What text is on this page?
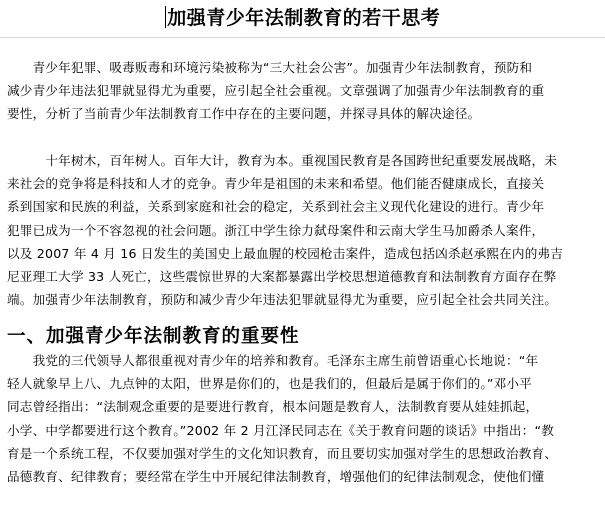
加强青少年法制教育的若干思考
　　青少年犯罪、吸毒贩毒和环境污染被称为“三大社会公害”。加强青少年法制教育，预防和
减少青少年违法犯罪就显得尤为重要，应引起全社会重视。文章强调了加强青少年法制教育的重
要性，分析了当前青少年法制教育工作中存在的主要问题，并探寻具体的解决途径。
　　　十年树木，百年树人。百年大计，教育为本。重视国民教育是各国跨世纪重要发展战略，未
来社会的竞争将是科技和人才的竞争。青少年是祖国的未来和希望。他们能否健康成长，直接关
系到国家和民族的利益，关系到家庭和社会的稳定，关系到社会主义现代化建设的进行。青少年
犯罪已成为一个不容忽视的社会问题。浙江中学生徐力弑母案件和云南大学生马加爵杀人案件，
以及 2007 年 4 月 16 日发生的美国史上最血腥的校园枪击案件，造成包括凶杀赵承熙在内的弗吉
尼亚理工大学 33 人死亡，这些震惊世界的大案都暴露出学校思想道德教育和法制教育方面存在弊
端。加强青少年法制教育，预防和减少青少年违法犯罪就显得尤为重要，应引起全社会共同关注。
一、加强青少年法制教育的重要性
　　我党的三代领导人都很重视对青少年的培养和教育。毛泽东主席生前曾语重心长地说：“年
轻人就象早上八、九点钟的太阳，世界是你们的，也是我们的，但最后是属于你们的。”邓小平
同志曾经指出：“法制观念重要的是要进行教育，根本问题是教育人，法制教育要从娃娃抓起，
小学、中学都要进行这个教育。”2002 年 2 月江泽民同志在《关于教育问题的谈话》中指出：“教
育是一个系统工程，不仅要加强对学生的文化知识教育，而且要切实加强对学生的思想政治教育、
品德教育、纪律教育；要经常在学生中开展纪律法制教育，增强他们的纪律法制观念，使他们懂
